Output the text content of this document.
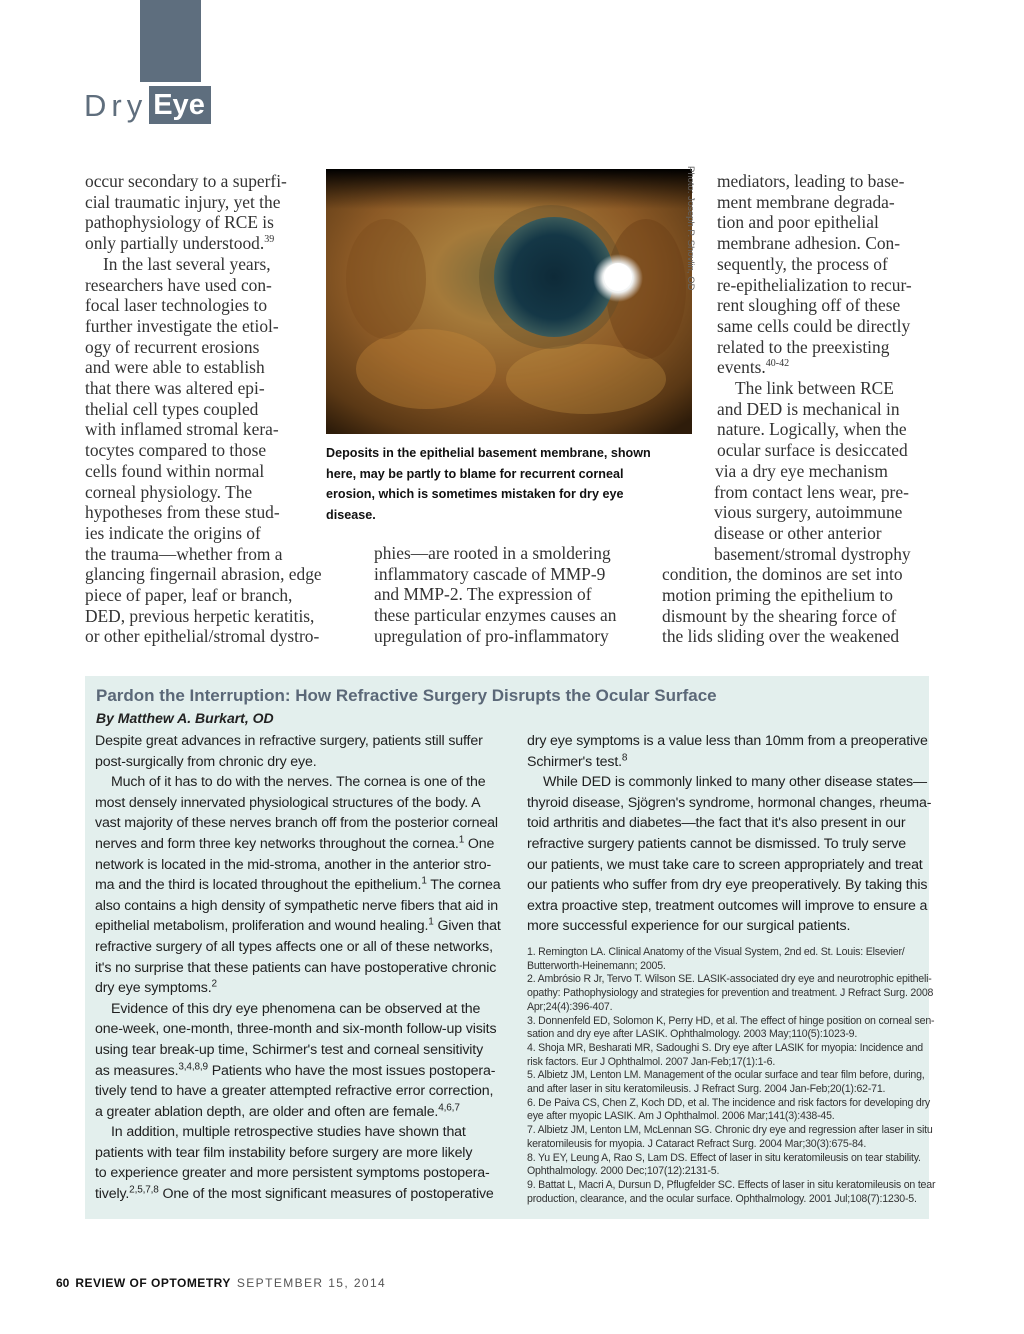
Dry Eye

occur secondary to a superfi-
cial traumatic injury, yet the
pathophysiology of RCE is
only partially understood.$^{39}$

In the last several years,
researchers have used con-
focal laser technologies to
further investigate the etiol-
ogy of recurrent erosions
and were able to establish
that there was altered epi-
thelial cell types coupled
with inflamed stromal kera-
tocytes compared to those
cells found within normal
corneal physiology. The
hypotheses from these stud-
ies indicate the origins of
the trauma—whether from a
glancing fingernail abrasion, edge
piece of paper, leaf or branch,
DED, previous herpetic keratitis,
or other epithelial/stromal dystro-

Photo: Joseph P. Shovlin, OD
Deposits in the epithelial basement membrane, shown
here, may be partly to blame for recurrent corneal
erosion, which is sometimes mistaken for dry eye
disease.
phies—are rooted in a smoldering
inflammatory cascade of MMP-9
and MMP-2. The expression of
these particular enzymes causes an
upregulation of pro-inflammatory

mediators, leading to base-
ment membrane degrada-
tion and poor epithelial
membrane adhesion. Con-
sequently, the process of
re-epithelialization to recur-
rent sloughing off of these
same cells could be directly
related to the preexisting
events.$^{40-42}$

The link between RCE
and DED is mechanical in
nature. Logically, when the
ocular surface is desiccated
via a dry eye mechanism
from contact lens wear, pre-
vious surgery, autoimmune
disease or other anterior
basement/stromal dystrophy
condition, the dominos are set into
motion priming the epithelium to
dismount by the shearing force of
the lids sliding over the weakened

Pardon the Interruption: How Refractive Surgery Disrupts the Ocular Surface
By Matthew A. Burkart, OD
Despite great advances in refractive surgery, patients still suffer
post-surgically from chronic dry eye.
Much of it has to do with the nerves. The cornea is one of the
most densely innervated physiological structures of the body. A
vast majority of these nerves branch off from the posterior corneal
nerves and form three key networks throughout the cornea.$^1$ One
network is located in the mid-stroma, another in the anterior stro-
ma and the third is located throughout the epithelium.$^1$ The cornea
also contains a high density of sympathetic nerve fibers that aid in
epithelial metabolism, proliferation and wound healing.$^1$ Given that
refractive surgery of all types affects one or all of these networks,
it's no surprise that these patients can have postoperative chronic
dry eye symptoms.$^2$
Evidence of this dry eye phenomena can be observed at the
one-week, one-month, three-month and six-month follow-up visits
using tear break-up time, Schirmer's test and corneal sensitivity
as measures.$^{3,4,8,9}$ Patients who have the most issues postopera-
tively tend to have a greater attempted refractive error correction,
a greater ablation depth, are older and often are female.$^{4,6,7}$
In addition, multiple retrospective studies have shown that
patients with tear film instability before surgery are more likely
to experience greater and more persistent symptoms postopera-
tively.$^{2,5,7,8}$ One of the most significant measures of postoperative
dry eye symptoms is a value less than 10mm from a preoperative
Schirmer's test.$^8$
While DED is commonly linked to many other disease states—
thyroid disease, Sjögren's syndrome, hormonal changes, rheuma-
toid arthritis and diabetes—the fact that it's also present in our
refractive surgery patients cannot be dismissed. To truly serve
our patients, we must take care to screen appropriately and treat
our patients who suffer from dry eye preoperatively. By taking this
extra proactive step, treatment outcomes will improve to ensure a
more successful experience for our surgical patients.
1. Remington LA. Clinical Anatomy of the Visual System, 2nd ed. St. Louis: Elsevier/
Butterworth-Heinemann; 2005.
2. Ambrósio R Jr, Tervo T. Wilson SE. LASIK-associated dry eye and neurotrophic epitheli-
opathy: Pathophysiology and strategies for prevention and treatment. J Refract Surg. 2008
Apr;24(4):396-407.
3. Donnenfeld ED, Solomon K, Perry HD, et al. The effect of hinge position on corneal sen-
sation and dry eye after LASIK. Ophthalmology. 2003 May;110(5):1023-9.
4. Shoja MR, Besharati MR, Sadoughi S. Dry eye after LASIK for myopia: Incidence and
risk factors. Eur J Ophthalmol. 2007 Jan-Feb;17(1):1-6.
5. Albietz JM, Lenton LM. Management of the ocular surface and tear film before, during,
and after laser in situ keratomileusis. J Refract Surg. 2004 Jan-Feb;20(1):62-71.
6. De Paiva CS, Chen Z, Koch DD, et al. The incidence and risk factors for developing dry
eye after myopic LASIK. Am J Ophthalmol. 2006 Mar;141(3):438-45.
7. Albietz JM, Lenton LM, McLennan SG. Chronic dry eye and regression after laser in situ
keratomileusis for myopia. J Cataract Refract Surg. 2004 Mar;30(3):675-84.
8. Yu EY, Leung A, Rao S, Lam DS. Effect of laser in situ keratomileusis on tear stability.
Ophthalmology. 2000 Dec;107(12):2131-5.
9. Battat L, Macri A, Dursun D, Pflugfelder SC. Effects of laser in situ keratomileusis on tear
production, clearance, and the ocular surface. Ophthalmology. 2001 Jul;108(7):1230-5.
60 REVIEW OF OPTOMETRY SEPTEMBER 15, 2014
